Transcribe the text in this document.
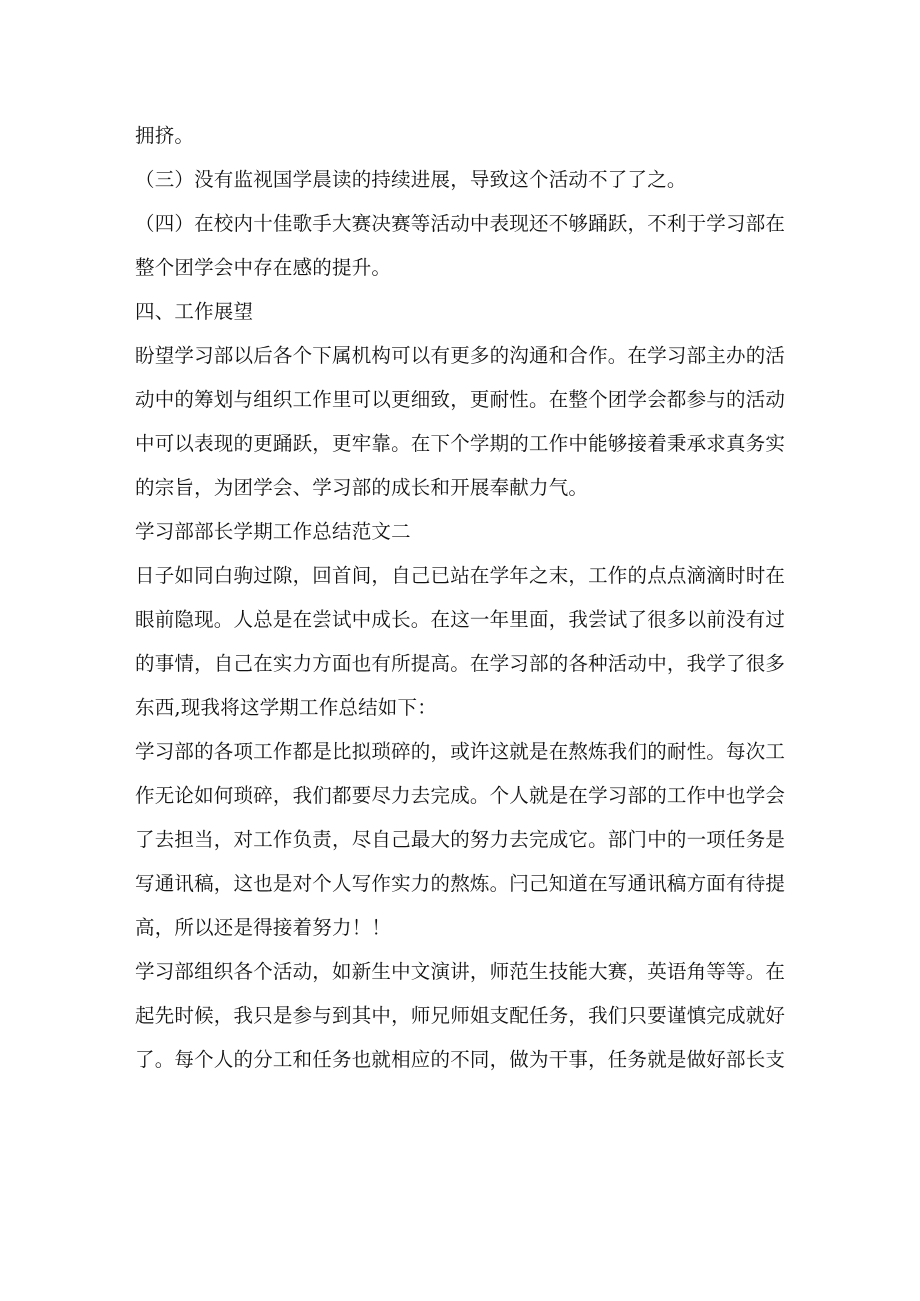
拥挤。
（三）没有监视国学晨读的持续进展，导致这个活动不了了之。
（四）在校内十佳歌手大赛决赛等活动中表现还不够踊跃，不利于学习部在
整个团学会中存在感的提升。
四、工作展望
盼望学习部以后各个下属机构可以有更多的沟通和合作。在学习部主办的活
动中的筹划与组织工作里可以更细致，更耐性。在整个团学会都参与的活动
中可以表现的更踊跃，更牢靠。在下个学期的工作中能够接着秉承求真务实
的宗旨，为团学会、学习部的成长和开展奉献力气。
学习部部长学期工作总结范文二
日子如同白驹过隙，回首间，自己已站在学年之末，工作的点点滴滴时时在
眼前隐现。人总是在尝试中成长。在这一年里面，我尝试了很多以前没有过
的事情，自己在实力方面也有所提高。在学习部的各种活动中，我学了很多
东西,现我将这学期工作总结如下：
学习部的各项工作都是比拟琐碎的，或许这就是在熬炼我们的耐性。每次工
作无论如何琐碎，我们都要尽力去完成。个人就是在学习部的工作中也学会
了去担当，对工作负责，尽自己最大的努力去完成它。部门中的一项任务是
写通讯稿，这也是对个人写作实力的熬炼。闩己知道在写通讯稿方面有待提
高，所以还是得接着努力！！
学习部组织各个活动，如新生中文演讲，师范生技能大赛，英语角等等。在
起先时候，我只是参与到其中，师兄师姐支配任务，我们只要谨慎完成就好
了。每个人的分工和任务也就相应的不同，做为干事，任务就是做好部长支
